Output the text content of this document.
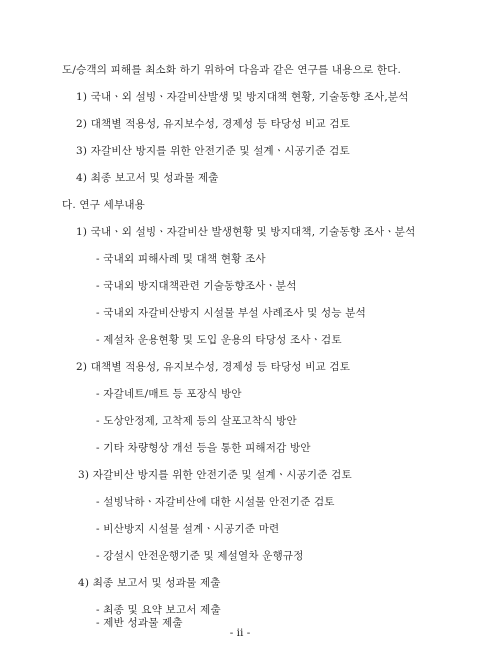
도/승객의 피해를 최소화 하기 위하여 다음과 같은 연구를 내용으로 한다.
1) 국내ㆍ외 설빙ㆍ자갈비산발생 및 방지대책 현황, 기술동향 조사,분석
2) 대책별 적용성, 유지보수성, 경제성 등 타당성 비교 검토
3) 자갈비산 방지를 위한 안전기준 및 설계ㆍ시공기준 검토
4) 최종 보고서 및 성과물 제출
다. 연구 세부내용
1) 국내ㆍ외 설빙ㆍ자갈비산 발생현황 및 방지대책, 기술동향 조사ㆍ분석
- 국내외 피해사례 및 대책 현황 조사
- 국내외 방지대책관련 기술동향조사ㆍ분석
- 국내외 자갈비산방지 시설물 부설 사례조사 및 성능 분석
- 제설차 운용현황 및 도입 운용의 타당성 조사ㆍ검토
2) 대책별 적용성, 유지보수성, 경제성 등 타당성 비교 검토
- 자갈네트/매트 등 포장식 방안
- 도상안정제, 고착제 등의 살포고착식 방안
- 기타 차량형상 개선 등을 통한 피해저감 방안
3) 자갈비산 방지를 위한 안전기준 및 설계ㆍ시공기준 검토
- 설빙낙하ㆍ자갈비산에 대한 시설물 안전기준 검토
- 비산방지 시설물 설계ㆍ시공기준 마련
- 강설시 안전운행기준 및 제설열차 운행규정
4) 최종 보고서 및 성과물 제출
- 최종 및 요약 보고서 제출
- ii -
- 제반 성과물 제출
